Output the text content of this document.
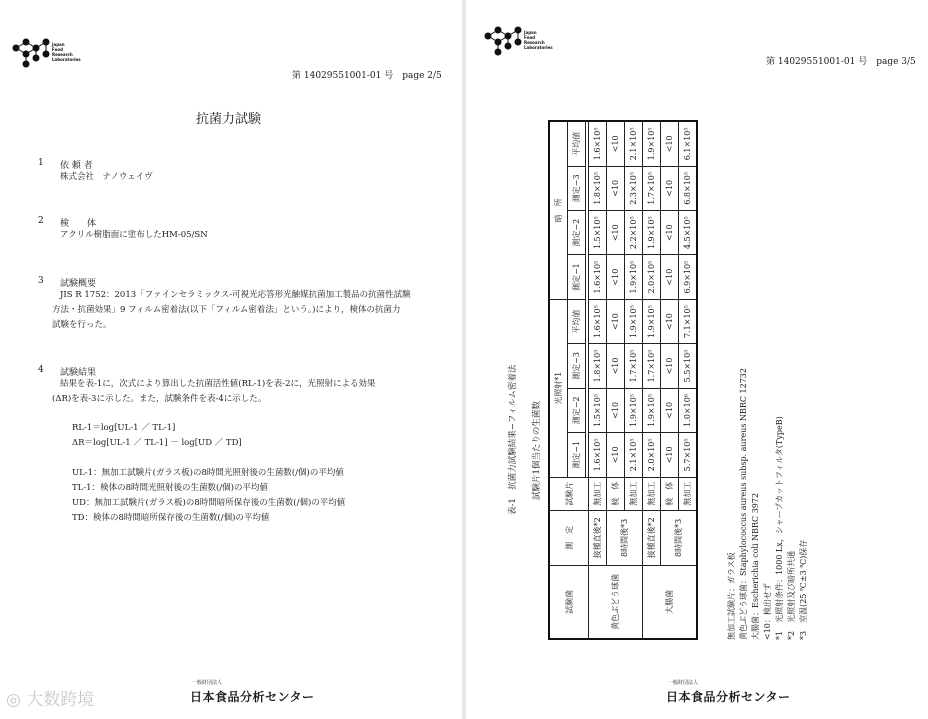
Japan
Food
Research
Laboratories
第 14029551001-01 号　page 2/5
抗菌力試験
1 依 頼 者
株式会社　ナノウェイヴ
2 検　　体
アクリル樹脂面に塗布したHM-05/SN
3 試験概要
JIS R 1752：2013「ファインセラミックス-可視光応答形光触媒抗菌加工製品の抗菌性試験
方法・抗菌効果」9 フィルム密着法(以下「フィルム密着法」という。)により，検体の抗菌力
試験を行った。
4 試験結果
結果を表-1に，次式により算出した抗菌活性値(RL-1)を表-2に，光照射による効果
(ΔR)を表-3に示した。また，試験条件を表-4に示した。
RL-1＝log[UL-1 ／ TL-1]
ΔR＝log[UL-1 ／ TL-1] － log[UD ／ TD]
UL-1：無加工試験片(ガラス板)の8時間光照射後の生菌数(/個)の平均値
TL-1：検体の8時間光照射後の生菌数(/個)の平均値
UD：無加工試験片(ガラス板)の8時間暗所保存後の生菌数(/個)の平均値
TD：検体の8時間暗所保存後の生菌数(/個)の平均値
◎ 大数跨境
一般財団法人
日本食品分析センター
Japan
Food
Research
Laboratories
第 14029551001-01 号　page 3/5
表-1　抗菌力試験結果−フィルム密着法 試験片1個当たりの生菌数
試験菌	測　定	試験片	光照射*1				暗　所			
			測定−1	測定−2	測定−3	平均値	測定−1	測定−2	測定−3	平均値

黄色ぶどう球菌	接種直後*2	無加工	1.6×10⁵	1.5×10⁵	1.8×10⁵	1.6×10⁵	1.6×10⁵	1.5×10⁵	1.8×10⁵	1.6×10⁵
	8時間後*3	検　体	<10	<10	<10	<10	<10	<10	<10	<10
		無加工	2.1×10⁵	1.9×10⁵	1.7×10⁵	1.9×10⁵	1.9×10⁵	2.2×10⁵	2.3×10⁵	2.1×10⁵
大腸菌	接種直後*2	無加工	2.0×10⁵	1.9×10⁵	1.7×10⁵	1.9×10⁵	2.0×10⁵	1.9×10⁵	1.7×10⁵	1.9×10⁵
	8時間後*3	検　体	<10	<10	<10	<10	<10	<10	<10	<10
		無加工	5.7×10⁵	1.0×10⁶	5.5×10⁵	7.1×10⁵	6.9×10⁵	4.5×10⁵	6.8×10⁵	6.1×10⁵
無加工試験片：ガラス板 黄色ぶどう球菌：Staphylococcus aureus subsp. aureus NBRC 12732 大腸菌：Escherichia coli NBRC 3972 <10：検出せず *1　光照射条件：1000 Lx，シャープカットフィルタ(TypeB) *2　光照射及び暗所共通 *3　室温(25 ℃±3 ℃)保存
一般財団法人
日本食品分析センター
